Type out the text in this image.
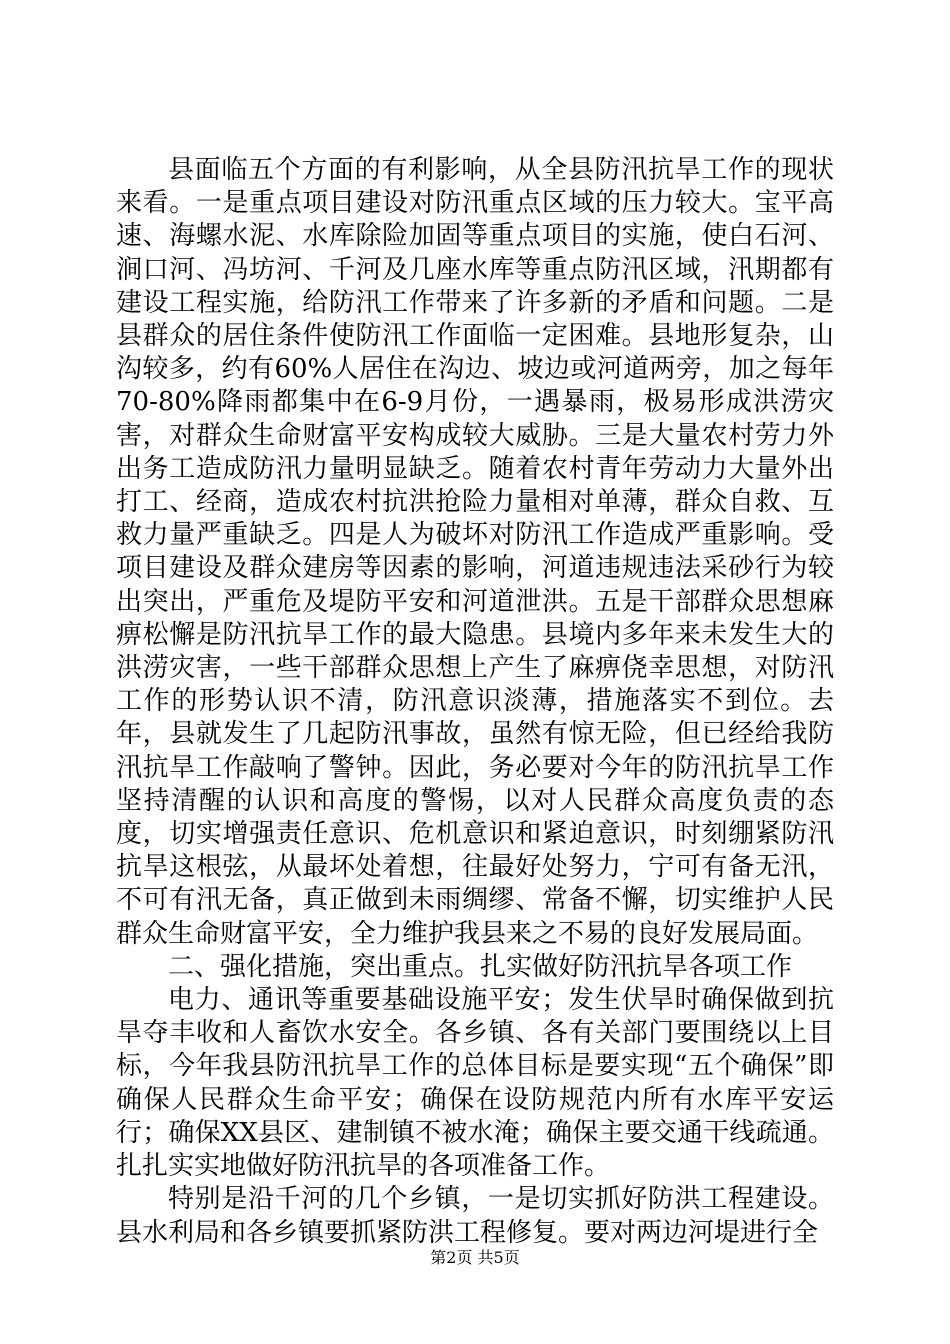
县面临五个方面的有利影响，从全县防汛抗旱工作的现状来看。一是重点项目建设对防汛重点区域的压力较大。宝平高速、海螺水泥、水库除险加固等重点项目的实施，使白石河、涧口河、冯坊河、千河及几座水库等重点防汛区域，汛期都有建设工程实施，给防汛工作带来了许多新的矛盾和问题。二是县群众的居住条件使防汛工作面临一定困难。县地形复杂，山沟较多，约有60%人居住在沟边、坡边或河道两旁，加之每年70-80%降雨都集中在6-9月份，一遇暴雨，极易形成洪涝灾害，对群众生命财富平安构成较大威胁。三是大量农村劳力外出务工造成防汛力量明显缺乏。随着农村青年劳动力大量外出打工、经商，造成农村抗洪抢险力量相对单薄，群众自救、互救力量严重缺乏。四是人为破坏对防汛工作造成严重影响。受项目建设及群众建房等因素的影响，河道违规违法采砂行为较出突出，严重危及堤防平安和河道泄洪。五是干部群众思想麻痹松懈是防汛抗旱工作的最大隐患。县境内多年来未发生大的洪涝灾害，一些干部群众思想上产生了麻痹侥幸思想，对防汛工作的形势认识不清，防汛意识淡薄，措施落实不到位。去年，县就发生了几起防汛事故，虽然有惊无险，但已经给我防汛抗旱工作敲响了警钟。因此，务必要对今年的防汛抗旱工作坚持清醒的认识和高度的警惕，以对人民群众高度负责的态度，切实增强责任意识、危机意识和紧迫意识，时刻绷紧防汛抗旱这根弦，从最坏处着想，往最好处努力，宁可有备无汛，不可有汛无备，真正做到未雨绸缪、常备不懈，切实维护人民群众生命财富平安，全力维护我县来之不易的良好发展局面。

二、强化措施，突出重点。扎实做好防汛抗旱各项工作

电力、通讯等重要基础设施平安；发生伏旱时确保做到抗旱夺丰收和人畜饮水安全。各乡镇、各有关部门要围绕以上目标，今年我县防汛抗旱工作的总体目标是要实现“五个确保”即确保人民群众生命平安；确保在设防规范内所有水库平安运行；确保XX县区、建制镇不被水淹；确保主要交通干线疏通。扎扎实实地做好防汛抗旱的各项准备工作。

特别是沿千河的几个乡镇，一是切实抓好防洪工程建设。县水利局和各乡镇要抓紧防洪工程修复。要对两边河堤进行全

第2页 共5页
